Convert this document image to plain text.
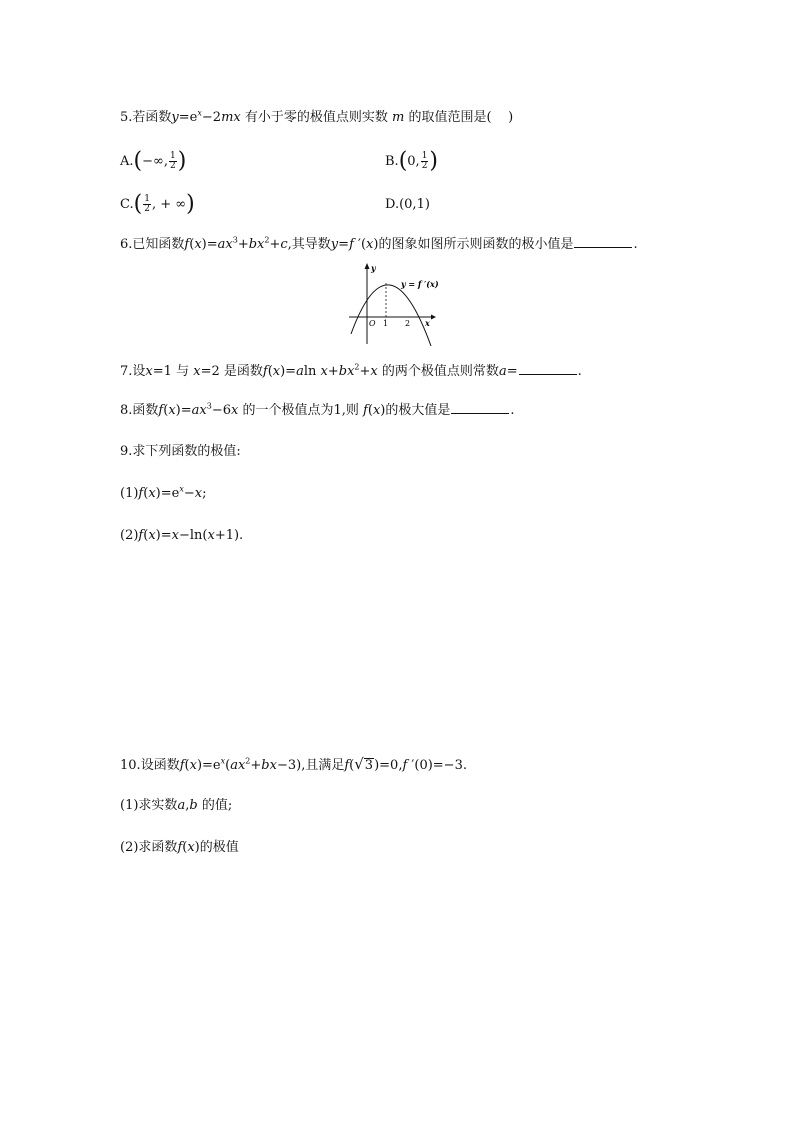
5.若函数$y=e^x-2mx$ 有小于零的极值点则实数 m 的取值范围是( )
A.(−∞, $\frac{1}{2}$ )	B.(0, $\frac{1}{2}$ )
$C.( \frac{1}{2}$ , + ∞)	D.(0,1)
6.已知函数$f(x)=ax^3+bx^2+c$,其导数y=f ′(x)的图象如图所示则函数的极小值是	.
y
x
O 1 2
y = f ′(x)
7.设x=1 与 x=2 是函数f(x)=aln $x+bx^2+x$ 的两个极值点则常数a=	.
8.函数$f(x)=ax^3-6x$ 的一个极值点为1,则 f(x)的极大值是	.
9.求下列函数的极值:
$(1)f(x)=e^x-x$;
(2)f(x)=x−ln(x+1).
10.设函数$f(x)=e^x(ax^2+bx-3)$,且满足f(√3)=0,f ′(0)=−3.
(1)求实数a,b 的值;
(2)求函数f(x)的极值
